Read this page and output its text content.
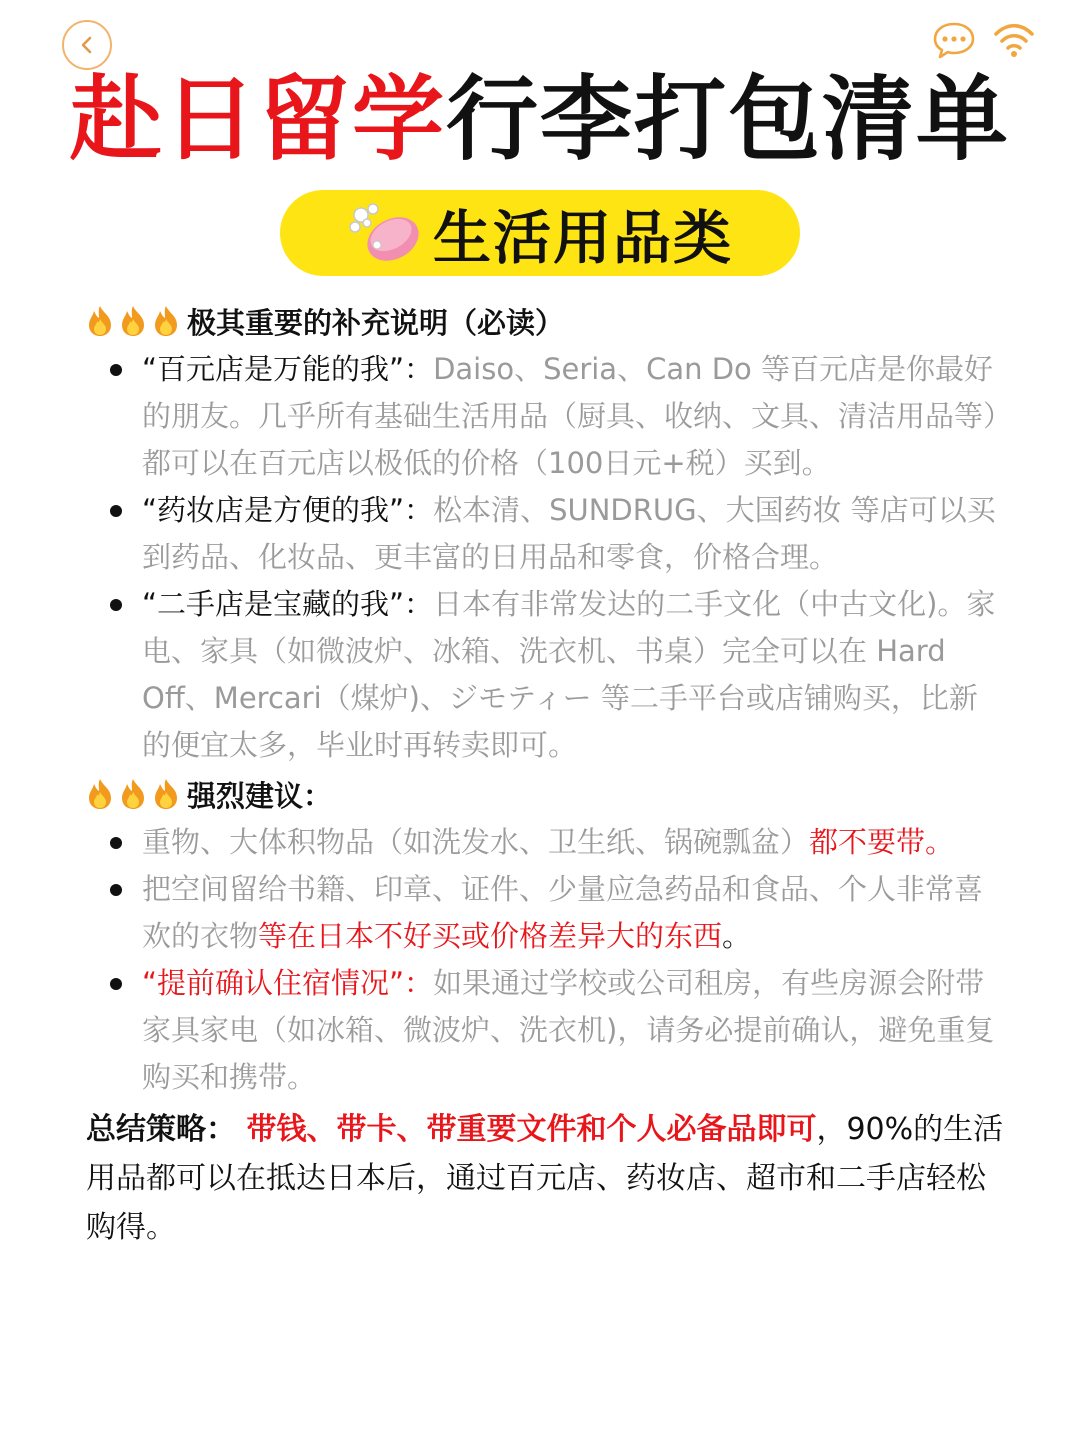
赴日留学行李打包清单
生活用品类
极其重要的补充说明（必读）
“百元店是万能的我”：Daiso、Seria、Can Do 等百元店是你最好的朋友。几乎所有基础生活用品（厨具、收纳、文具、清洁用品等）都可以在百元店以极低的价格（100日元+税）买到。
“药妆店是方便的我”：松本清、SUNDRUG、大国药妆 等店可以买到药品、化妆品、更丰富的日用品和零食，价格合理。
“二手店是宝藏的我”：日本有非常发达的二手文化（中古文化)。家电、家具（如微波炉、冰箱、洗衣机、书桌）完全可以在 Hard Off、Mercari（煤炉)、ジモティー 等二手平台或店铺购买，比新的便宜太多，毕业时再转卖即可。
强烈建议：
重物、大体积物品（如洗发水、卫生纸、锅碗瓢盆）都不要带。
把空间留给书籍、印章、证件、少量应急药品和食品、个人非常喜欢的衣物等在日本不好买或价格差异大的东西。
“提前确认住宿情况”：如果通过学校或公司租房，有些房源会附带家具家电（如冰箱、微波炉、洗衣机)，请务必提前确认，避免重复购买和携带。
总结策略： 带钱、带卡、带重要文件和个人必备品即可，90%的生活用品都可以在抵达日本后，通过百元店、药妆店、超市和二手店轻松购得。
